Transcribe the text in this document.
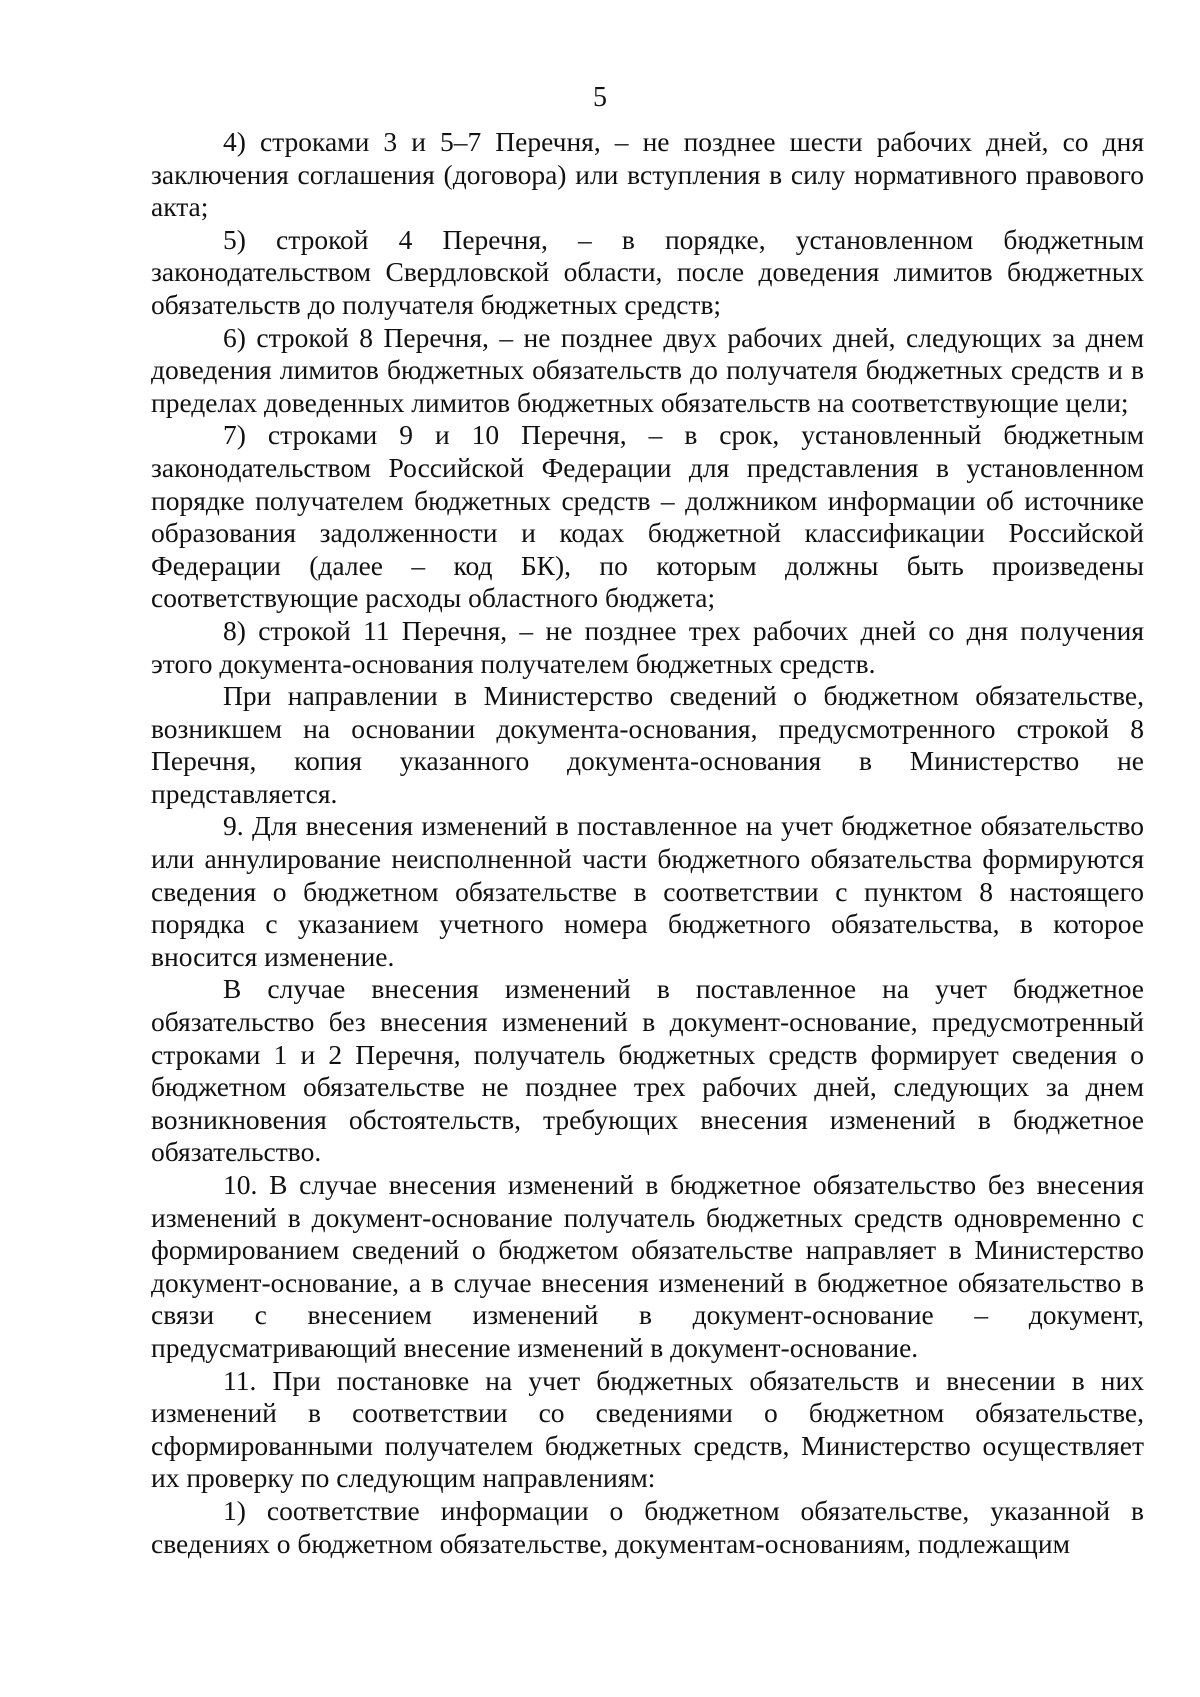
5

4) строками 3 и 5–7 Перечня, – не позднее шести рабочих дней, со дня заключения соглашения (договора) или вступления в силу нормативного правового акта;

5) строкой 4 Перечня, – в порядке, установленном бюджетным законодательством Свердловской области, после доведения лимитов бюджетных обязательств до получателя бюджетных средств;

6) строкой 8 Перечня, – не позднее двух рабочих дней, следующих за днем доведения лимитов бюджетных обязательств до получателя бюджетных средств и в пределах доведенных лимитов бюджетных обязательств на соответствующие цели;

7) строками 9 и 10 Перечня, – в срок, установленный бюджетным законодательством Российской Федерации для представления в установленном порядке получателем бюджетных средств – должником информации об источнике образования задолженности и кодах бюджетной классификации Российской Федерации (далее – код БК), по которым должны быть произведены соответствующие расходы областного бюджета;

8) строкой 11 Перечня, – не позднее трех рабочих дней со дня получения этого документа-основания получателем бюджетных средств.

При направлении в Министерство сведений о бюджетном обязательстве, возникшем на основании документа-основания, предусмотренного строкой 8 Перечня, копия указанного документа-основания в Министерство не представляется.

9. Для внесения изменений в поставленное на учет бюджетное обязательство или аннулирование неисполненной части бюджетного обязательства формируются сведения о бюджетном обязательстве в соответствии с пунктом 8 настоящего порядка с указанием учетного номера бюджетного обязательства, в которое вносится изменение.

В случае внесения изменений в поставленное на учет бюджетное обязательство без внесения изменений в документ-основание, предусмотренный строками 1 и 2 Перечня, получатель бюджетных средств формирует сведения о бюджетном обязательстве не позднее трех рабочих дней, следующих за днем возникновения обстоятельств, требующих внесения изменений в бюджетное обязательство.

10. В случае внесения изменений в бюджетное обязательство без внесения изменений в документ-основание получатель бюджетных средств одновременно с формированием сведений о бюджетом обязательстве направляет в Министерство документ-основание, а в случае внесения изменений в бюджетное обязательство в связи с внесением изменений в документ-основание – документ, предусматривающий внесение изменений в документ-основание.

11. При постановке на учет бюджетных обязательств и внесении в них изменений в соответствии со сведениями о бюджетном обязательстве, сформированными получателем бюджетных средств, Министерство осуществляет их проверку по следующим направлениям:

1) соответствие информации о бюджетном обязательстве, указанной в сведениях о бюджетном обязательстве, документам-основаниям, подлежащим
